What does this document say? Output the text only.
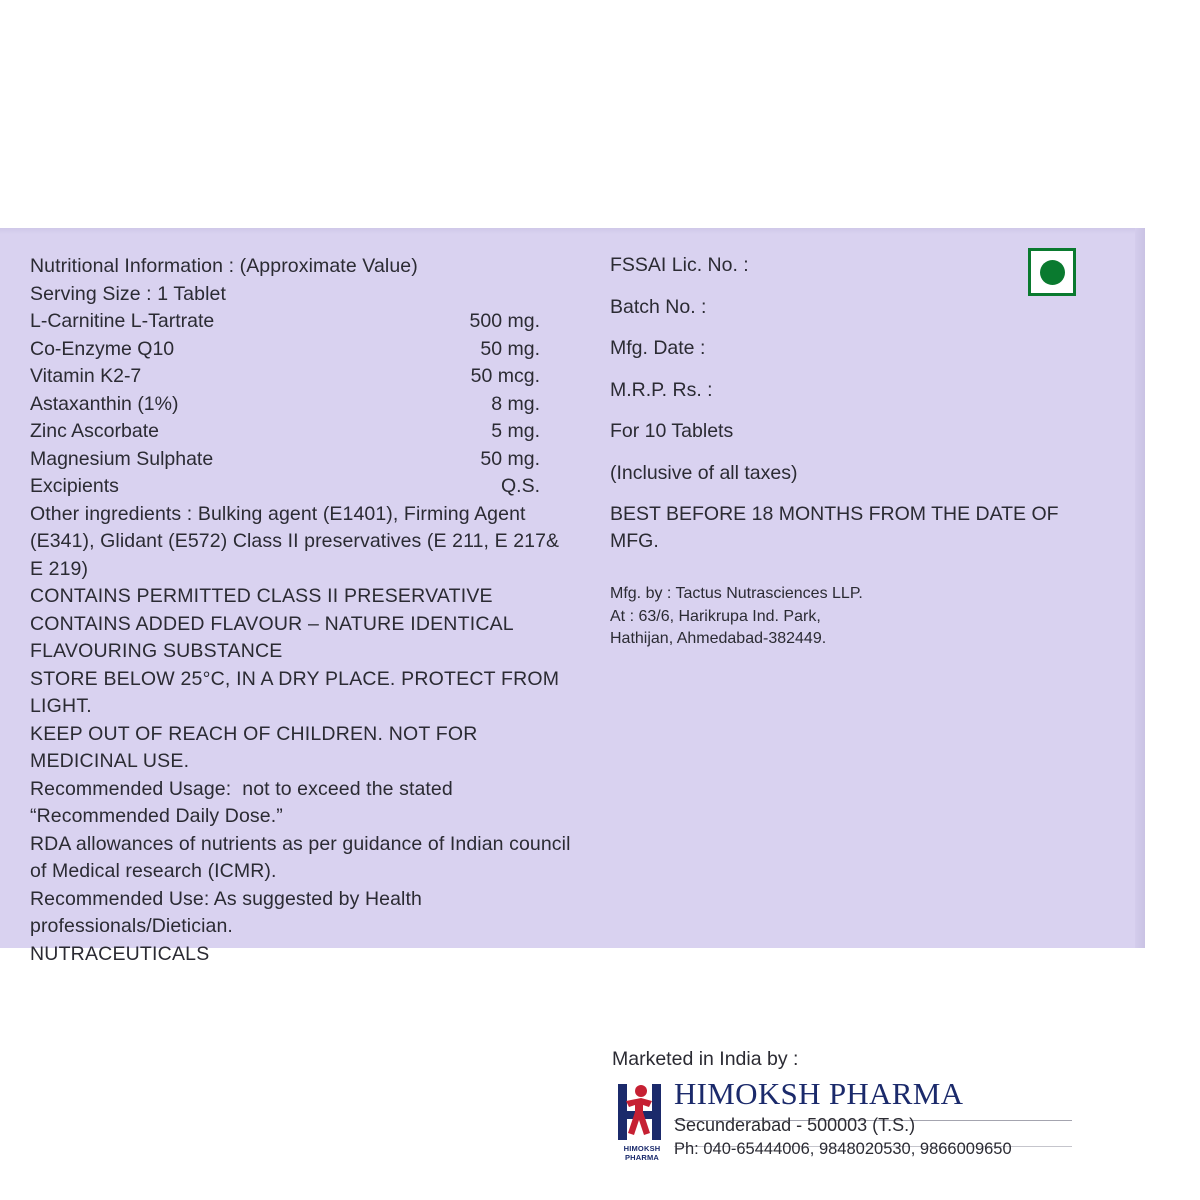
Nutritional Information : (Approximate Value)
Serving Size : 1 Tablet
L-Carnitine L-Tartrate	500 mg.
Co-Enzyme Q10	50 mg.
Vitamin K2-7	50 mcg.
Astaxanthin (1%)	8 mg.
Zinc Ascorbate	5 mg.
Magnesium Sulphate	50 mg.
Excipients	Q.S.
Other ingredients : Bulking agent (E1401), Firming Agent (E341), Glidant (E572) Class II preservatives (E 211, E 217& E 219)
CONTAINS PERMITTED CLASS II PRESERVATIVE
CONTAINS ADDED FLAVOUR – NATURE IDENTICAL FLAVOURING SUBSTANCE
STORE BELOW 25°C, IN A DRY PLACE. PROTECT FROM LIGHT.
KEEP OUT OF REACH OF CHILDREN. NOT FOR MEDICINAL USE.
Recommended Usage:  not to exceed the stated “Recommended Daily Dose.”
RDA allowances of nutrients as per guidance of Indian council of Medical research (ICMR).
Recommended Use: As suggested by Health professionals/Dietician.
NUTRACEUTICALS
FSSAI Lic. No. :
Batch No. :
Mfg. Date :
M.R.P. Rs. :
For 10 Tablets
(Inclusive of all taxes)
BEST BEFORE 18 MONTHS FROM THE DATE OF MFG.
Mfg. by : Tactus Nutrasciences LLP.
At : 63/6, Harikrupa Ind. Park,
Hathijan, Ahmedabad-382449.
Marketed in India by :
HIMOKSH PHARMA
HIMOKSH PHARMA
Secunderabad - 500003 (T.S.)
Ph: 040-65444006, 9848020530, 9866009650
